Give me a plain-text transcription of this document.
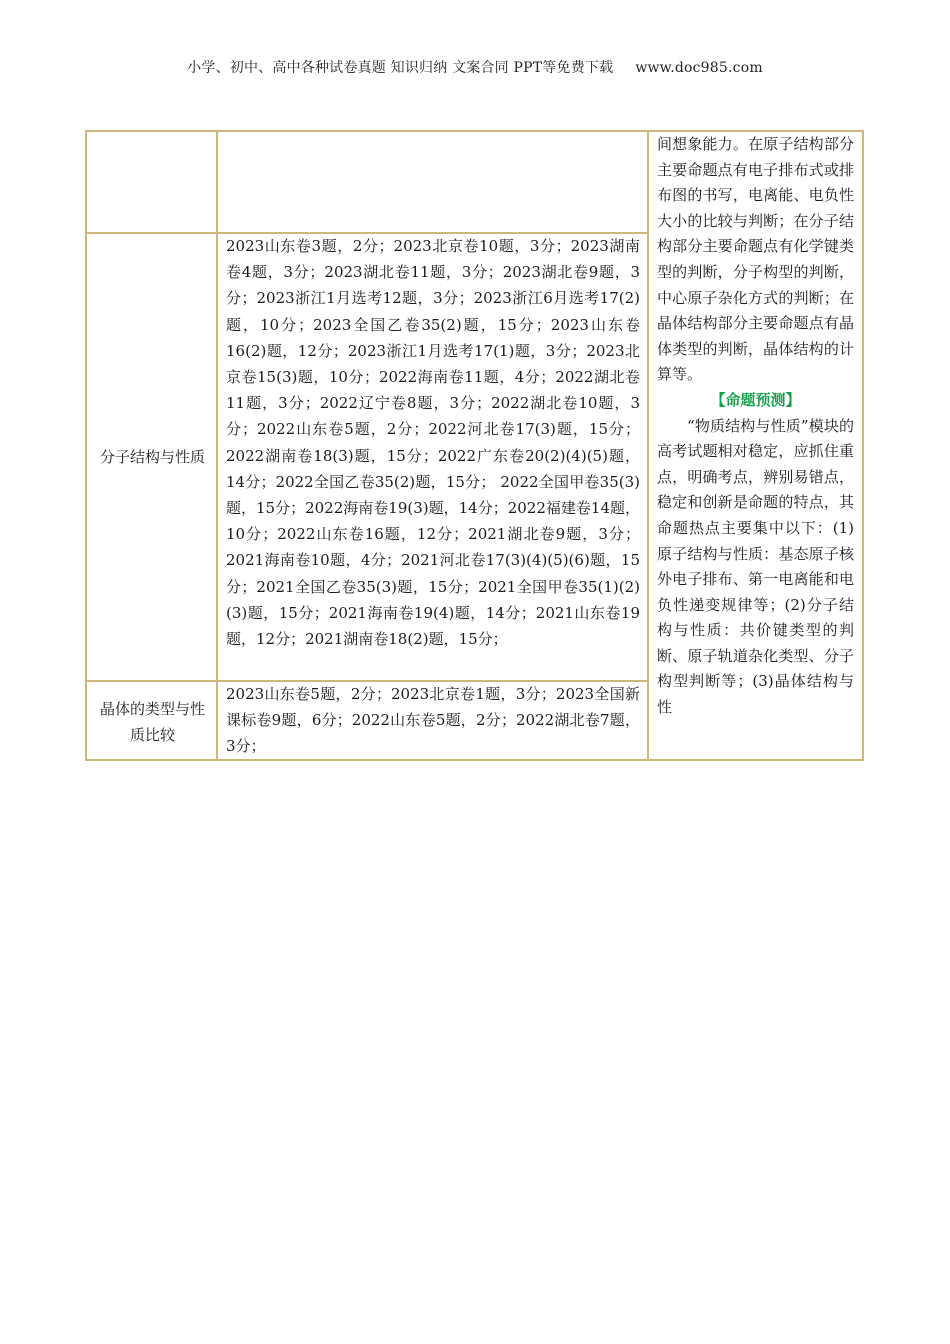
小学、初中、高中各种试卷真题 知识归纳 文案合同 PPT等免费下载 www.doc985.com
分子结构与性质
2023山东卷3题，2分；2023北京卷10题，3分；2023湖南卷4题，3分；2023湖北卷11题，3分；2023湖北卷9题，3分；2023浙江1月选考12题，3分；2023浙江6月选考17(2)题，10分；2023全国乙卷35(2)题，15分；2023山东卷16(2)题，12分；2023浙江1月选考17(1)题，3分；2023北京卷15(3)题，10分；2022海南卷11题，4分；2022湖北卷11题，3分；2022辽宁卷8题，3分；2022湖北卷10题，3分；2022山东卷5题，2分；2022河北卷17(3)题，15分；2022湖南卷18(3)题，15分；2022广东卷20(2)(4)(5)题，14分；2022全国乙卷35(2)题，15分； 2022全国甲卷35(3)题，15分；2022海南卷19(3)题，14分；2022福建卷14题，10分；2022山东卷16题，12分；2021湖北卷9题，3分；2021海南卷10题，4分；2021河北卷17(3)(4)(5)(6)题，15分；2021全国乙卷35(3)题，15分；2021全国甲卷35(1)(2)(3)题，15分；2021海南卷19(4)题，14分；2021山东卷19题，12分；2021湖南卷18(2)题，15分；
晶体的类型与性质比较
2023山东卷5题，2分；2023北京卷1题，3分；2023全国新课标卷9题，6分；2022山东卷5题，2分；2022湖北卷7题，3分；
间想象能力。在原子结构部分主要命题点有电子排布式或排布图的书写，电离能、电负性大小的比较与判断；在分子结构部分主要命题点有化学键类型的判断，分子构型的判断，中心原子杂化方式的判断；在晶体结构部分主要命题点有晶体类型的判断，晶体结构的计算等。
【命题预测】
“物质结构与性质”模块的高考试题相对稳定，应抓住重点，明确考点，辨别易错点，稳定和创新是命题的特点，其命题热点主要集中以下：(1)原子结构与性质：基态原子核外电子排布、第一电离能和电负性递变规律等；(2)分子结构与性质：共价键类型的判断、原子轨道杂化类型、分子构型判断等；(3)晶体结构与性
